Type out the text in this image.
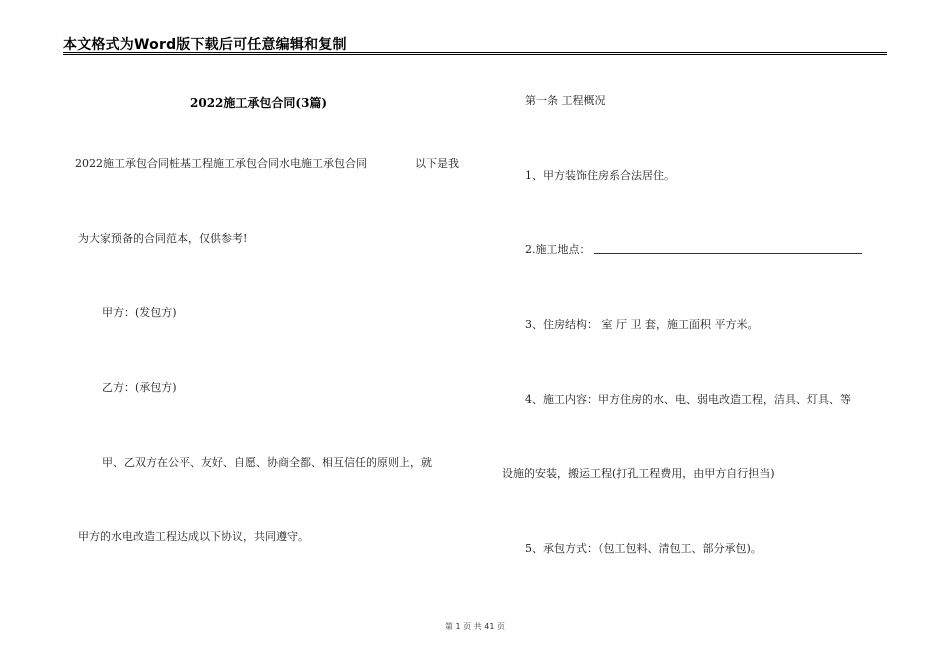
本文格式为Word版下载后可任意编辑和复制
2022施工承包合同(3篇)
2022施工承包合同桩基工程施工承包合同水电施工承包合同	以下是我
为大家预备的合同范本，仅供参考!
甲方：(发包方)
乙方：(承包方)
甲、乙双方在公平、友好、自愿、协商全都、相互信任的原则上，就
甲方的水电改造工程达成以下协议，共同遵守。
第一条 工程概况
1、甲方装饰住房系合法居住。
2.施工地点：
3、住房结构： 室 厅 卫 套，施工面积 平方米。
4、施工内容：甲方住房的水、电、弱电改造工程，洁具、灯具、等
设施的安装，搬运工程(打孔工程费用，由甲方自行担当)
5、承包方式：（包工包料、清包工、部分承包)。
第 1 页 共 41 页
